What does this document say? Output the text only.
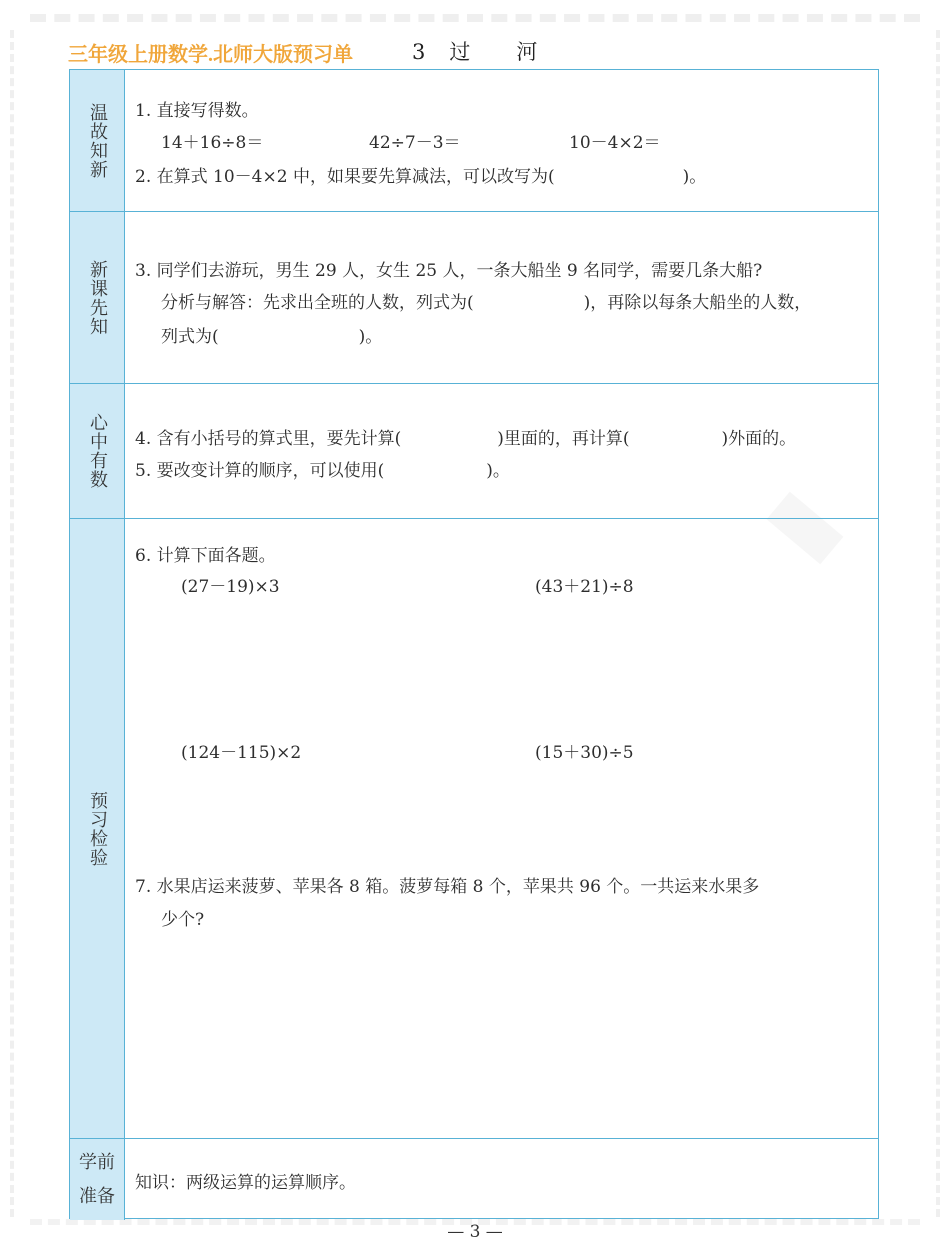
三年级上册数学.北师大版预习单	3 过 河
温故知新 1. 直接写得数。
14＋16÷8＝	42÷7－3＝	10－4×2＝
2. 在算式 10－4×2 中，如果要先算减法，可以改写为(	)。
新课先知 3. 同学们去游玩，男生 29 人，女生 25 人，一条大船坐 9 名同学，需要几条大船?
分析与解答：先求出全班的人数，列式为(	)，再除以每条大船坐的人数，
列式为(	)。
心中有数 4. 含有小括号的算式里，要先计算(	)里面的，再计算(	)外面的。
5. 要改变计算的顺序，可以使用(	)。
预习检验
6. 计算下面各题。
(27－19)×3	(43＋21)÷8
(124－115)×2	(15＋30)÷5
7. 水果店运来菠萝、苹果各 8 箱。菠萝每箱 8 个，苹果共 96 个。一共运来水果多
少个?
学前
准备
知识：两级运算的运算顺序。
— 3 —
